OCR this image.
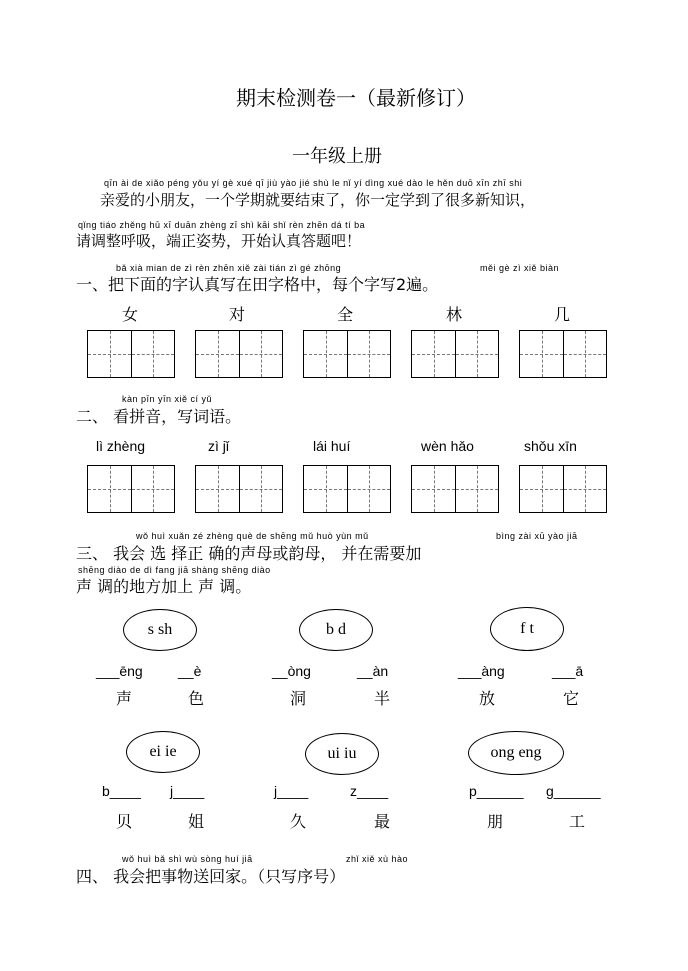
期末检测卷一（最新修订）
一年级上册
qīn ài de xiǎo péng yǒu yí gè xué qī jiù yào jié shù le nǐ yí dìng xué dào le hěn duō xīn zhī shi
亲爱的小朋友，一个学期就要结束了，你一定学到了很多新知识，
qǐng tiáo zhěng hū xī duān zhèng zī shì kāi shǐ rèn zhēn dá tí ba
请调整呼吸，端正姿势，开始认真答题吧！
bǎ xià mian de zì rèn zhēn xiě zài tián zì gé zhōng	měi gè zì xiě biàn
一、把下面的字认真写在田字格中，每个字写2遍。
女	对	全	林	几
kàn pīn yīn xiě cí yǔ
二、 看拼音，写词语。
lì zhèng	zì jǐ	lái huí	wèn hǎo	shǒu xīn
wǒ huì xuǎn zé zhèng què de shēng mǔ huò yùn mǔ	bìng zài xū yào jiā
三、 我会 选 择正 确的声母或韵母， 并在需要加
shēng diào de dì fang jiā shàng shēng diào
声 调的地方加上 声 调。
s sh	b d	f t
___ēng	__è	__òng	__àn	___àng	___ā
声	色	洞	半	放	它
ei ie	ui iu	ong eng
b____ j____	j____	z____	p______ g______
贝	姐	久	最	朋	工
wǒ huì bǎ shì wù sòng huí jiā	zhǐ xiě xù hào
四、 我会把事物送回家。（只写序号）
